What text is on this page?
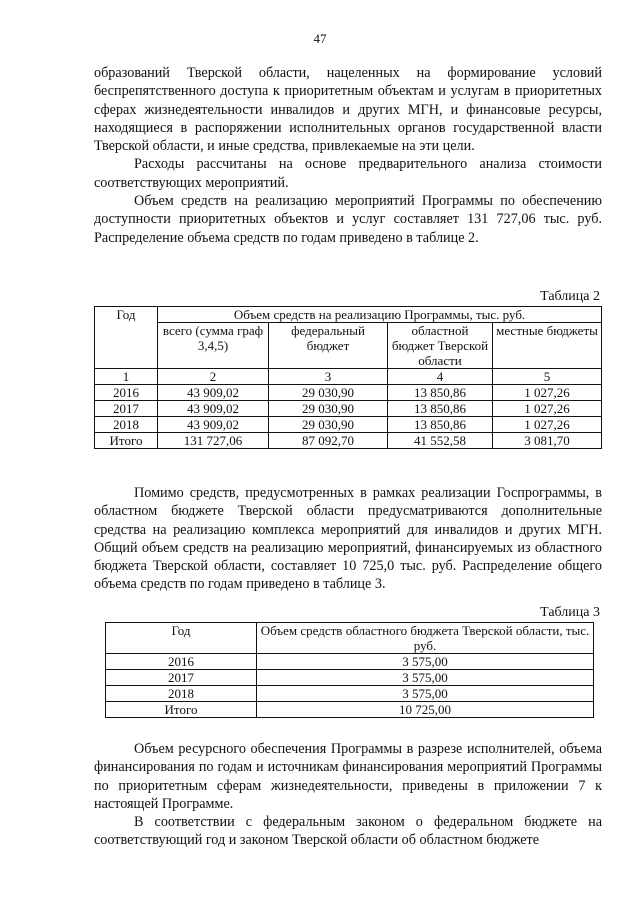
47

образований Тверской области, нацеленных на формирование условий беспрепятственного доступа к приоритетным объектам и услугам в приоритетных сферах жизнедеятельности инвалидов и других МГН, и финансовые ресурсы, находящиеся в распоряжении исполнительных органов государственной власти Тверской области, и иные средства, привлекаемые на эти цели.

Расходы рассчитаны на основе предварительного анализа стоимости соответствующих мероприятий.

Объем средств на реализацию мероприятий Программы по обеспечению доступности приоритетных объектов и услуг составляет 131 727,06 тыс. руб. Распределение объема средств по годам приведено в таблице 2.

Таблица 2
Год	Объем средств на реализацию Программы, тыс. руб.			
	всего (сумма граф 3,4,5)	федеральный бюджет	областной бюджет Тверской области	местные бюджеты
1	2	3	4	5
2016	43 909,02	29 030,90	13 850,86	1 027,26
2017	43 909,02	29 030,90	13 850,86	1 027,26
2018	43 909,02	29 030,90	13 850,86	1 027,26
Итого	131 727,06	87 092,70	41 552,58	3 081,70

Помимо средств, предусмотренных в рамках реализации Госпрограммы, в областном бюджете Тверской области предусматриваются дополнительные средства на реализацию комплекса мероприятий для инвалидов и других МГН. Общий объем средств на реализацию мероприятий, финансируемых из областного бюджета Тверской области, составляет 10 725,0 тыс. руб. Распределение общего объема средств по годам приведено в таблице 3.

Таблица 3
Год	Объем средств областного бюджета Тверской области, тыс. руб.
2016	3 575,00
2017	3 575,00
2018	3 575,00
Итого	10 725,00

Объем ресурсного обеспечения Программы в разрезе исполнителей, объема финансирования по годам и источникам финансирования мероприятий Программы по приоритетным сферам жизнедеятельности, приведены в приложении 7 к настоящей Программе.

В соответствии с федеральным законом о федеральном бюджете на соответствующий год и законом Тверской области об областном бюджете
